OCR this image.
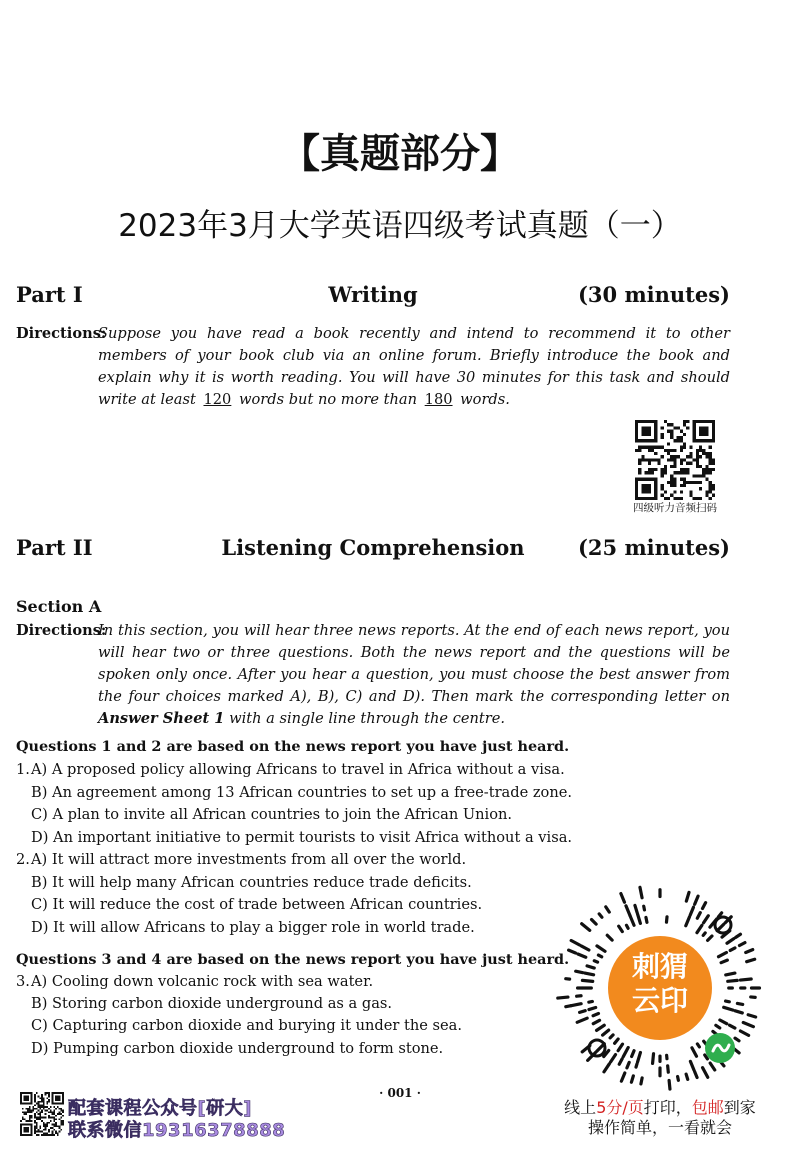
【真题部分】
2023年3月大学英语四级考试真题（一）
Part I	Writing	(30 minutes)
Directions:
Suppose you have read a book recently and intend to recommend it to other members of your book club via an online forum. Briefly introduce the book and explain why it is worth reading. You will have 30 minutes for this task and should write at least 120 words but no more than 180 words.
四级听力音频扫码
Part II	Listening Comprehension	(25 minutes)
Section A
Directions:
In this section, you will hear three news reports. At the end of each news report, you will hear two or three questions. Both the news report and the questions will be spoken only once. After you hear a question, you must choose the best answer from the four choices marked A), B), C) and D). Then mark the corresponding letter on Answer Sheet 1 with a single line through the centre.
Questions 1 and 2 are based on the news report you have just heard.
1. A) A proposed policy allowing Africans to travel in Africa without a visa.
B) An agreement among 13 African countries to set up a free-trade zone.
C) A plan to invite all African countries to join the African Union.
D) An important initiative to permit tourists to visit Africa without a visa.
2. A) It will attract more investments from all over the world.
B) It will help many African countries reduce trade deficits.
C) It will reduce the cost of trade between African countries.
D) It will allow Africans to play a bigger role in world trade.
Questions 3 and 4 are based on the news report you have just heard.
3. A) Cooling down volcanic rock with sea water.
B) Storing carbon dioxide underground as a gas.
C) Capturing carbon dioxide and burying it under the sea.
D) Pumping carbon dioxide underground to form stone.
刺猬
云印
· 001 ·
配套课程公众号[研大]
联系微信19316378888
线上5分/页打印，包邮到家
操作简单，一看就会
